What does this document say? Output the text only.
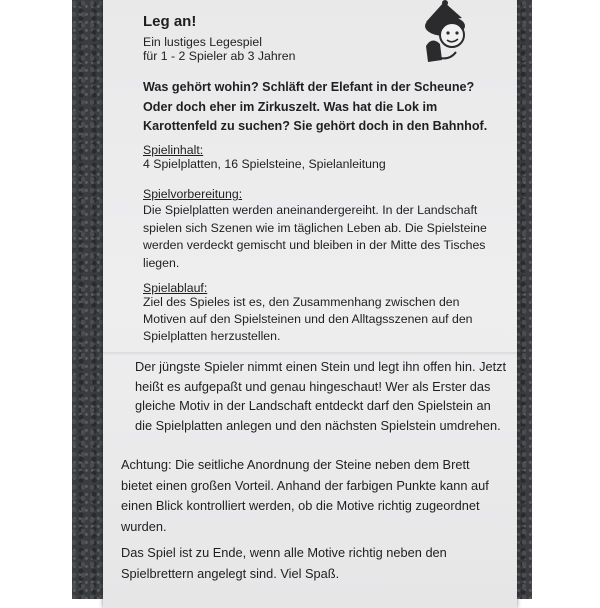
Leg an!
Ein lustiges Legespiel
für 1 - 2 Spieler ab 3 Jahren
Was gehört wohin? Schläft der Elefant in der Scheune? Oder doch eher im Zirkuszelt. Was hat die Lok im Karottenfeld zu suchen? Sie gehört doch in den Bahnhof.
Spielinhalt:
4 Spielplatten, 16 Spielsteine, Spielanleitung
Spielvorbereitung:
Die Spielplatten werden aneinandergereiht. In der Landschaft spielen sich Szenen wie im täglichen Leben ab. Die Spielsteine werden verdeckt gemischt und bleiben in der Mitte des Tisches liegen.
Spielablauf:
Ziel des Spieles ist es, den Zusammenhang zwischen den Motiven auf den Spielsteinen und den Alltagsszenen auf den Spielplatten herzustellen.
Der jüngste Spieler nimmt einen Stein und legt ihn offen hin. Jetzt heißt es aufgepaßt und genau hingeschaut! Wer als Erster das gleiche Motiv in der Landschaft entdeckt darf den Spielstein an die Spielplatten anlegen und den nächsten Spielstein umdrehen.
Achtung: Die seitliche Anordnung der Steine neben dem Brett bietet einen großen Vorteil. Anhand der farbigen Punkte kann auf einen Blick kontrolliert werden, ob die Motive richtig zugeordnet wurden.
Das Spiel ist zu Ende, wenn alle Motive richtig neben den Spielbrettern angelegt sind. Viel Spaß.
